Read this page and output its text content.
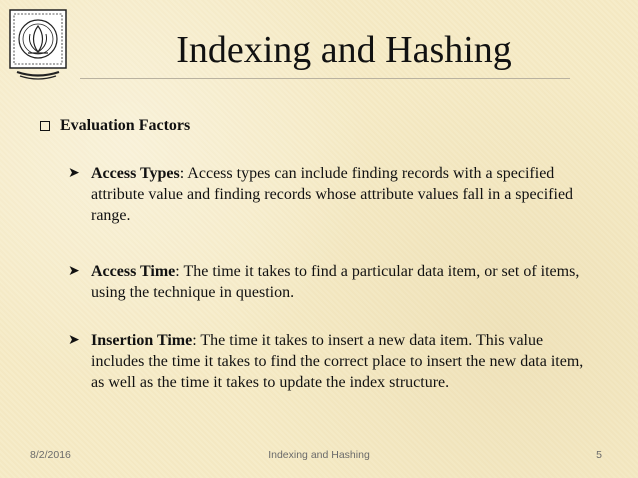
Indexing and Hashing
Evaluation Factors
➤ Access Types: Access types can include finding records with a specified attribute value and finding records whose attribute values fall in a specified range.
➤ Access Time: The time it takes to find a particular data item, or set of items, using the technique in question.
➤ Insertion Time: The time it takes to insert a new data item. This value includes the time it takes to find the correct place to insert the new data item, as well as the time it takes to update the index structure.
8/2/2016	Indexing and Hashing	5
